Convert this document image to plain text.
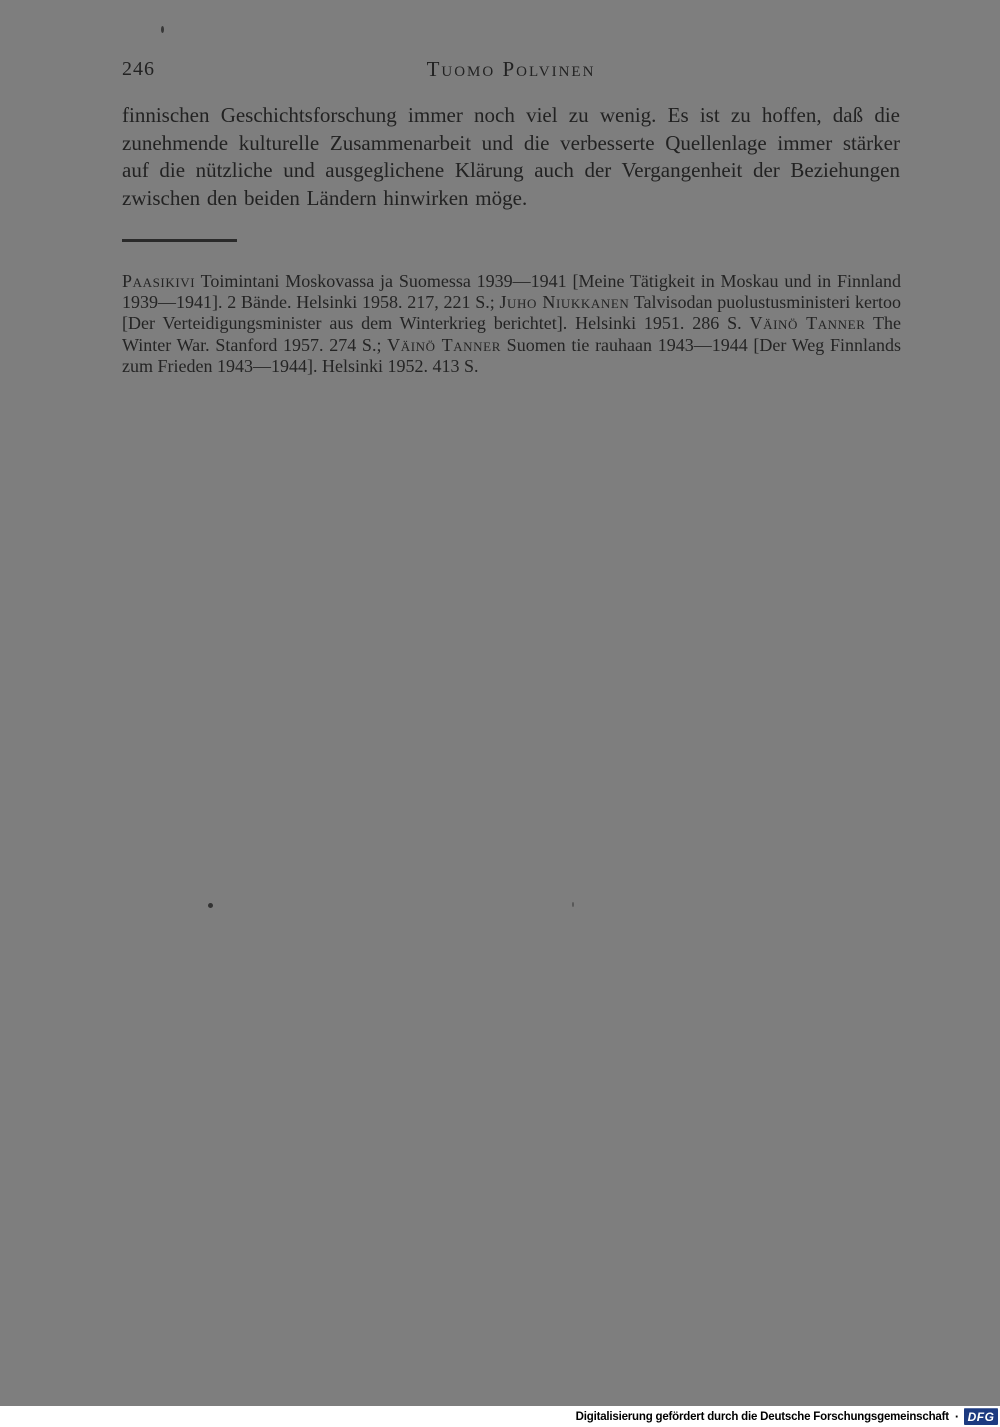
246	Tuomo Polvinen
finnischen Geschichtsforschung immer noch viel zu wenig. Es ist zu hoffen, daß die zunehmende kulturelle Zusammenarbeit und die verbesserte Quellenlage immer stärker auf die nützliche und ausgeglichene Klärung auch der Vergangenheit der Beziehungen zwischen den beiden Ländern hinwirken möge.
Paasikivi Toimintani Moskovassa ja Suomessa 1939—1941 [Meine Tätigkeit in Moskau und in Finnland 1939—1941]. 2 Bände. Helsinki 1958. 217, 221 S.; Juho Niukkanen Talvisodan puolustusministeri kertoo [Der Verteidigungsminister aus dem Winterkrieg berichtet]. Helsinki 1951. 286 S. Väinö Tanner The Winter War. Stanford 1957. 274 S.; Väinö Tanner Suomen tie rauhaan 1943—1944 [Der Weg Finnlands zum Frieden 1943—1944]. Helsinki 1952. 413 S.
Digitalisierung gefördert durch die Deutsche Forschungsgemeinschaft · DFG
